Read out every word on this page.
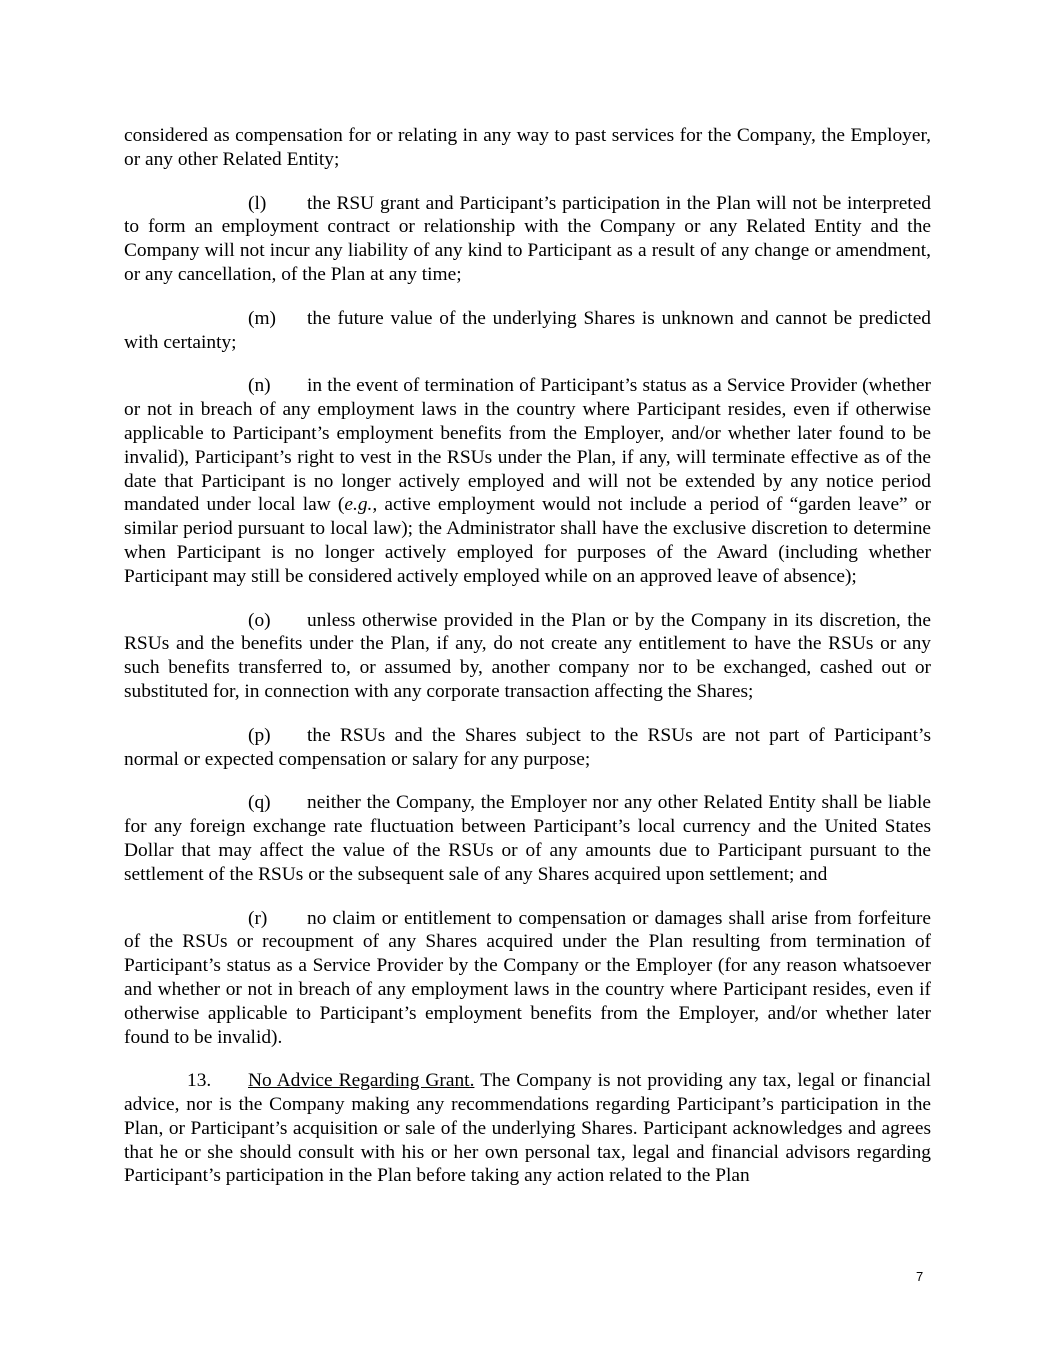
considered as compensation for or relating in any way to past services for the Company, the Employer, or any other Related Entity;

(l) the RSU grant and Participant’s participation in the Plan will not be interpreted to form an employment contract or relationship with the Company or any Related Entity and the Company will not incur any liability of any kind to Participant as a result of any change or amendment, or any cancellation, of the Plan at any time;

(m) the future value of the underlying Shares is unknown and cannot be predicted with certainty;

(n) in the event of termination of Participant’s status as a Service Provider (whether or not in breach of any employment laws in the country where Participant resides, even if otherwise applicable to Participant’s employment benefits from the Employer, and/or whether later found to be invalid), Participant’s right to vest in the RSUs under the Plan, if any, will terminate effective as of the date that Participant is no longer actively employed and will not be extended by any notice period mandated under local law (e.g., active employment would not include a period of “garden leave” or similar period pursuant to local law); the Administrator shall have the exclusive discretion to determine when Participant is no longer actively employed for purposes of the Award (including whether Participant may still be considered actively employed while on an approved leave of absence);

(o) unless otherwise provided in the Plan or by the Company in its discretion, the RSUs and the benefits under the Plan, if any, do not create any entitlement to have the RSUs or any such benefits transferred to, or assumed by, another company nor to be exchanged, cashed out or substituted for, in connection with any corporate transaction affecting the Shares;

(p) the RSUs and the Shares subject to the RSUs are not part of Participant’s normal or expected compensation or salary for any purpose;

(q) neither the Company, the Employer nor any other Related Entity shall be liable for any foreign exchange rate fluctuation between Participant’s local currency and the United States Dollar that may affect the value of the RSUs or of any amounts due to Participant pursuant to the settlement of the RSUs or the subsequent sale of any Shares acquired upon settlement; and

(r) no claim or entitlement to compensation or damages shall arise from forfeiture of the RSUs or recoupment of any Shares acquired under the Plan resulting from termination of Participant’s status as a Service Provider by the Company or the Employer (for any reason whatsoever and whether or not in breach of any employment laws in the country where Participant resides, even if otherwise applicable to Participant’s employment benefits from the Employer, and/or whether later found to be invalid).

13. No Advice Regarding Grant. The Company is not providing any tax, legal or financial advice, nor is the Company making any recommendations regarding Participant’s participation in the Plan, or Participant’s acquisition or sale of the underlying Shares. Participant acknowledges and agrees that he or she should consult with his or her own personal tax, legal and financial advisors regarding Participant’s participation in the Plan before taking any action related to the Plan

7
